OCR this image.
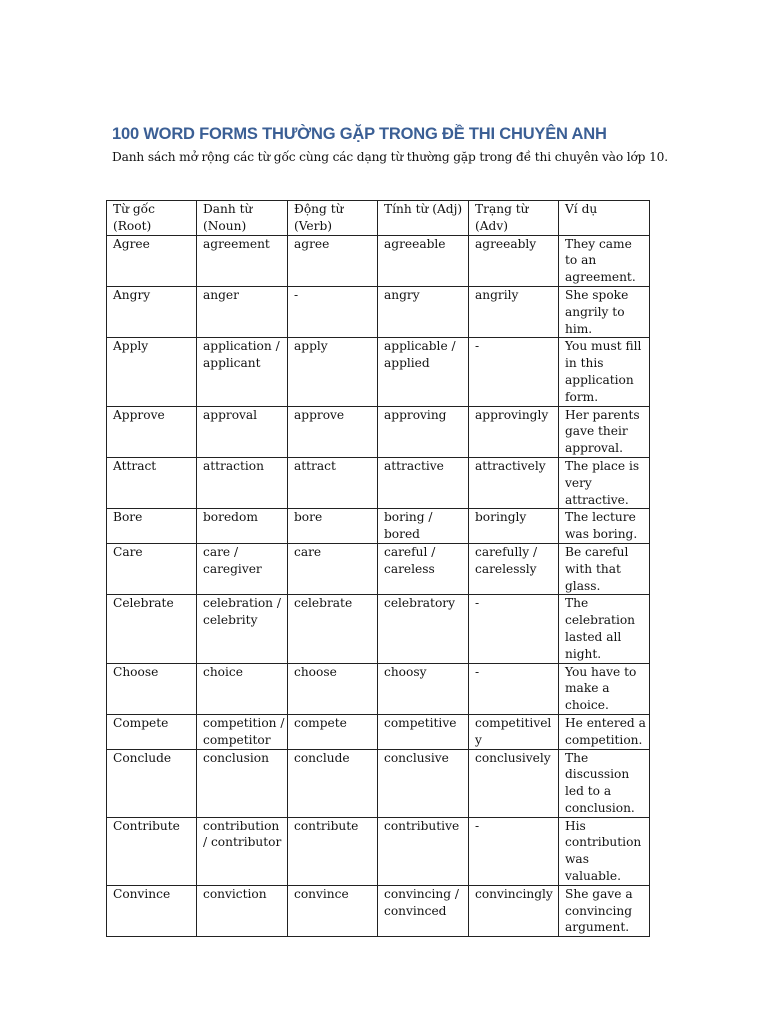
100 WORD FORMS THƯỜNG GẶP TRONG ĐỀ THI CHUYÊN ANH
Danh sách mở rộng các từ gốc cùng các dạng từ thường gặp trong đề thi chuyên vào lớp 10.
Từ gốc (Root)	Danh từ (Noun)	Động từ (Verb)	Tính từ (Adj)	Trạng từ (Adv)	Ví dụ
Agree	agreement	agree	agreeable	agreeably	They came to an agreement.
Angry	anger	-	angry	angrily	She spoke angrily to him.
Apply	application / applicant	apply	applicable / applied	-	You must fill in this application form.
Approve	approval	approve	approving	approvingly	Her parents gave their approval.
Attract	attraction	attract	attractive	attractively	The place is very attractive.
Bore	boredom	bore	boring / bored	boringly	The lecture was boring.
Care	care / caregiver	care	careful / careless	carefully / carelessly	Be careful with that glass.
Celebrate	celebration / celebrity	celebrate	celebratory	-	The celebration lasted all night.
Choose	choice	choose	choosy	-	You have to make a choice.
Compete	competition / competitor	compete	competitive	competitively	He entered a competition.
Conclude	conclusion	conclude	conclusive	conclusively	The discussion led to a conclusion.
Contribute	contribution / contributor	contribute	contributive	-	His contribution was valuable.
Convince	conviction	convince	convincing / convinced	convincingly	She gave a convincing argument.
